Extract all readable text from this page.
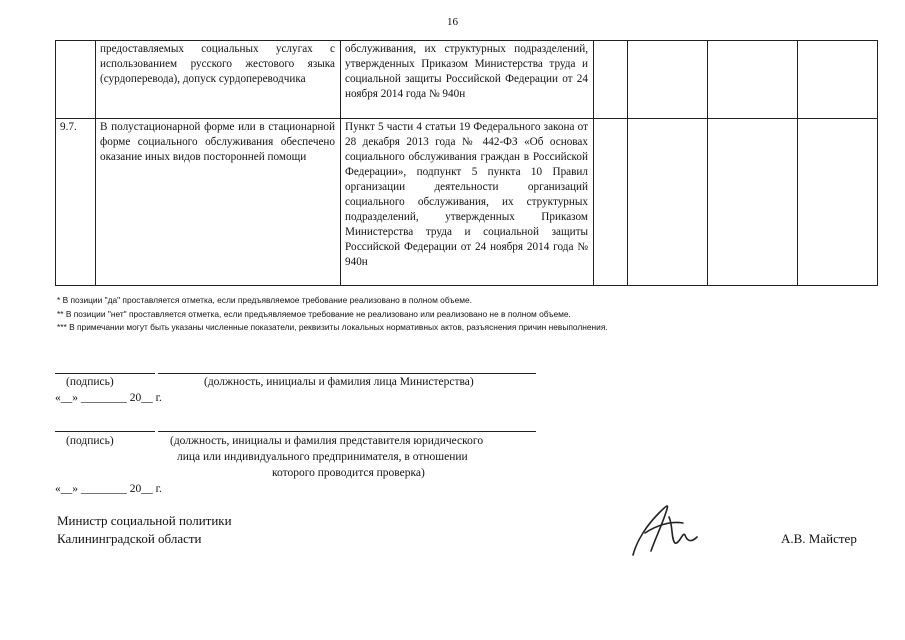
16
	предоставляемых социальных услугах с использованием русского жестового языка (сурдоперевода), допуск сурдопереводчика	обслуживания, их структурных подразделений, утвержденных Приказом Министерства труда и социальной защиты Российской Федерации от 24 ноября 2014 года № 940н				
9.7.	В полустационарной форме или в стационарной форме социального обслуживания обеспечено оказание иных видов посторонней помощи	Пункт 5 части 4 статьи 19 Федерального закона от 28 декабря 2013 года № 442-ФЗ «Об основах социального обслуживания граждан в Российской Федерации», подпункт 5 пункта 10 Правил организации деятельности организаций социального обслуживания, их структурных подразделений, утвержденных Приказом Министерства труда и социальной защиты Российской Федерации от 24 ноября 2014 года № 940н				
* В позиции "да" проставляется отметка, если предъявляемое требование реализовано в полном объеме.
** В позиции "нет" проставляется отметка, если предъявляемое требование не реализовано или реализовано не в полном объеме.
*** В примечании могут быть указаны численные показатели, реквизиты локальных нормативных актов, разъяснения причин невыполнения.
(подпись)	(должность, инициалы и фамилия лица Министерства)
«__» ________ 20__ г.
(подпись)	(должность, инициалы и фамилия представителя юридического
лица или индивидуального предпринимателя, в отношении
которого проводится проверка)
«__» ________ 20__ г.
Министр социальной политики
Калининградской области	А.В. Майстер
